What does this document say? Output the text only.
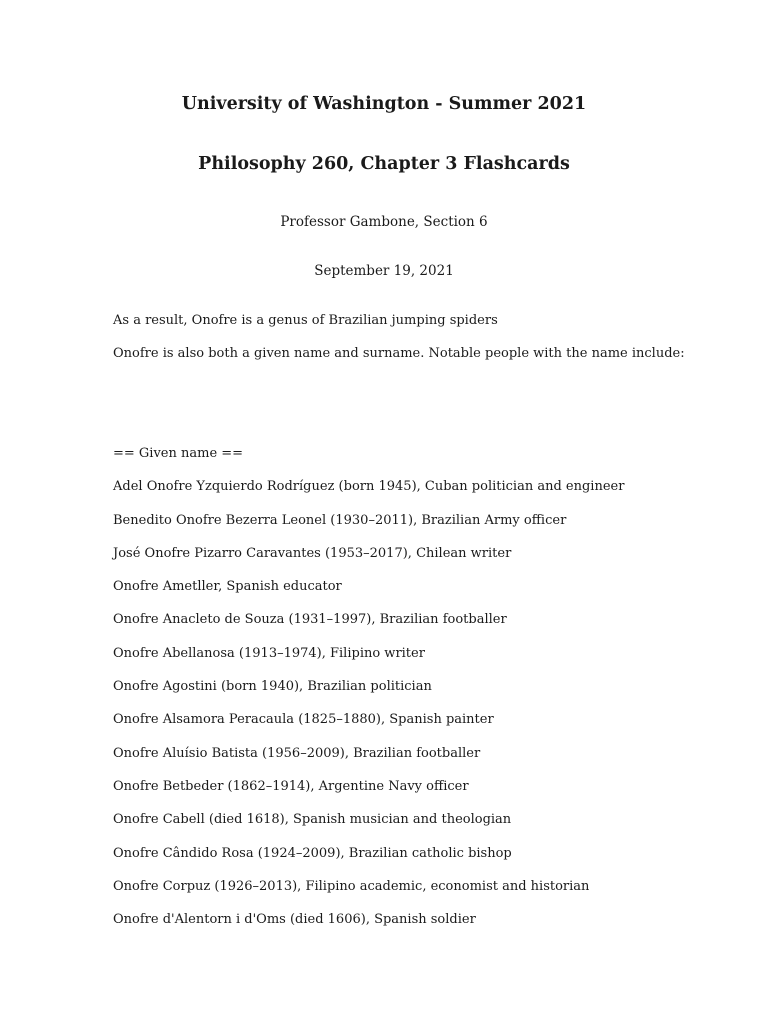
University of Washington - Summer 2021
Philosophy 260, Chapter 3 Flashcards
Professor Gambone, Section 6
September 19, 2021
As a result, Onofre is a genus of Brazilian jumping spiders
Onofre is also both a given name and surname. Notable people with the name include:
== Given name ==
Adel Onofre Yzquierdo Rodríguez (born 1945), Cuban politician and engineer
Benedito Onofre Bezerra Leonel (1930–2011), Brazilian Army officer
José Onofre Pizarro Caravantes (1953–2017), Chilean writer
Onofre Ametller, Spanish educator
Onofre Anacleto de Souza (1931–1997), Brazilian footballer
Onofre Abellanosa (1913–1974), Filipino writer
Onofre Agostini (born 1940), Brazilian politician
Onofre Alsamora Peracaula (1825–1880), Spanish painter
Onofre Aluísio Batista (1956–2009), Brazilian footballer
Onofre Betbeder (1862–1914), Argentine Navy officer
Onofre Cabell (died 1618), Spanish musician and theologian
Onofre Cândido Rosa (1924–2009), Brazilian catholic bishop
Onofre Corpuz (1926–2013), Filipino academic, economist and historian
Onofre d'Alentorn i d'Oms (died 1606), Spanish soldier
